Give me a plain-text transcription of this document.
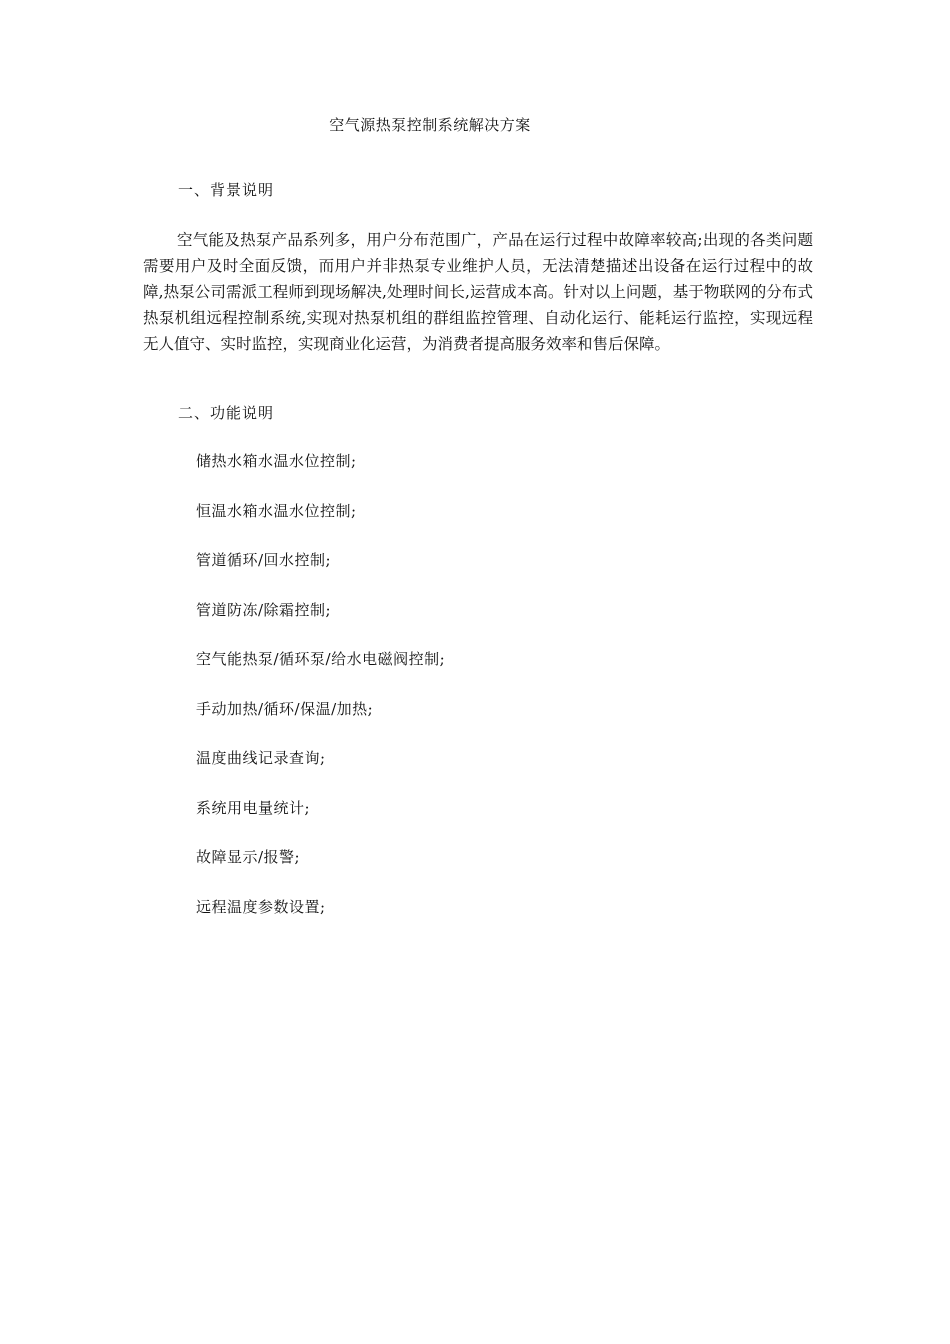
空气源热泵控制系统解决方案
一、背景说明

空气能及热泵产品系列多，用户分布范围广，产品在运行过程中故障率较高;出现的各类问题需要用户及时全面反馈，而用户并非热泵专业维护人员，无法清楚描述出设备在运行过程中的故障,热泵公司需派工程师到现场解决,处理时间长,运营成本高。针对以上问题，基于物联网的分布式热泵机组远程控制系统,实现对热泵机组的群组监控管理、自动化运行、能耗运行监控，实现远程无人值守、实时监控，实现商业化运营，为消费者提高服务效率和售后保障。

二、功能说明
储热水箱水温水位控制;
恒温水箱水温水位控制;
管道循环/回水控制;
管道防冻/除霜控制;
空气能热泵/循环泵/给水电磁阀控制;
手动加热/循环/保温/加热;
温度曲线记录查询;
系统用电量统计;
故障显示/报警;
远程温度参数设置;
